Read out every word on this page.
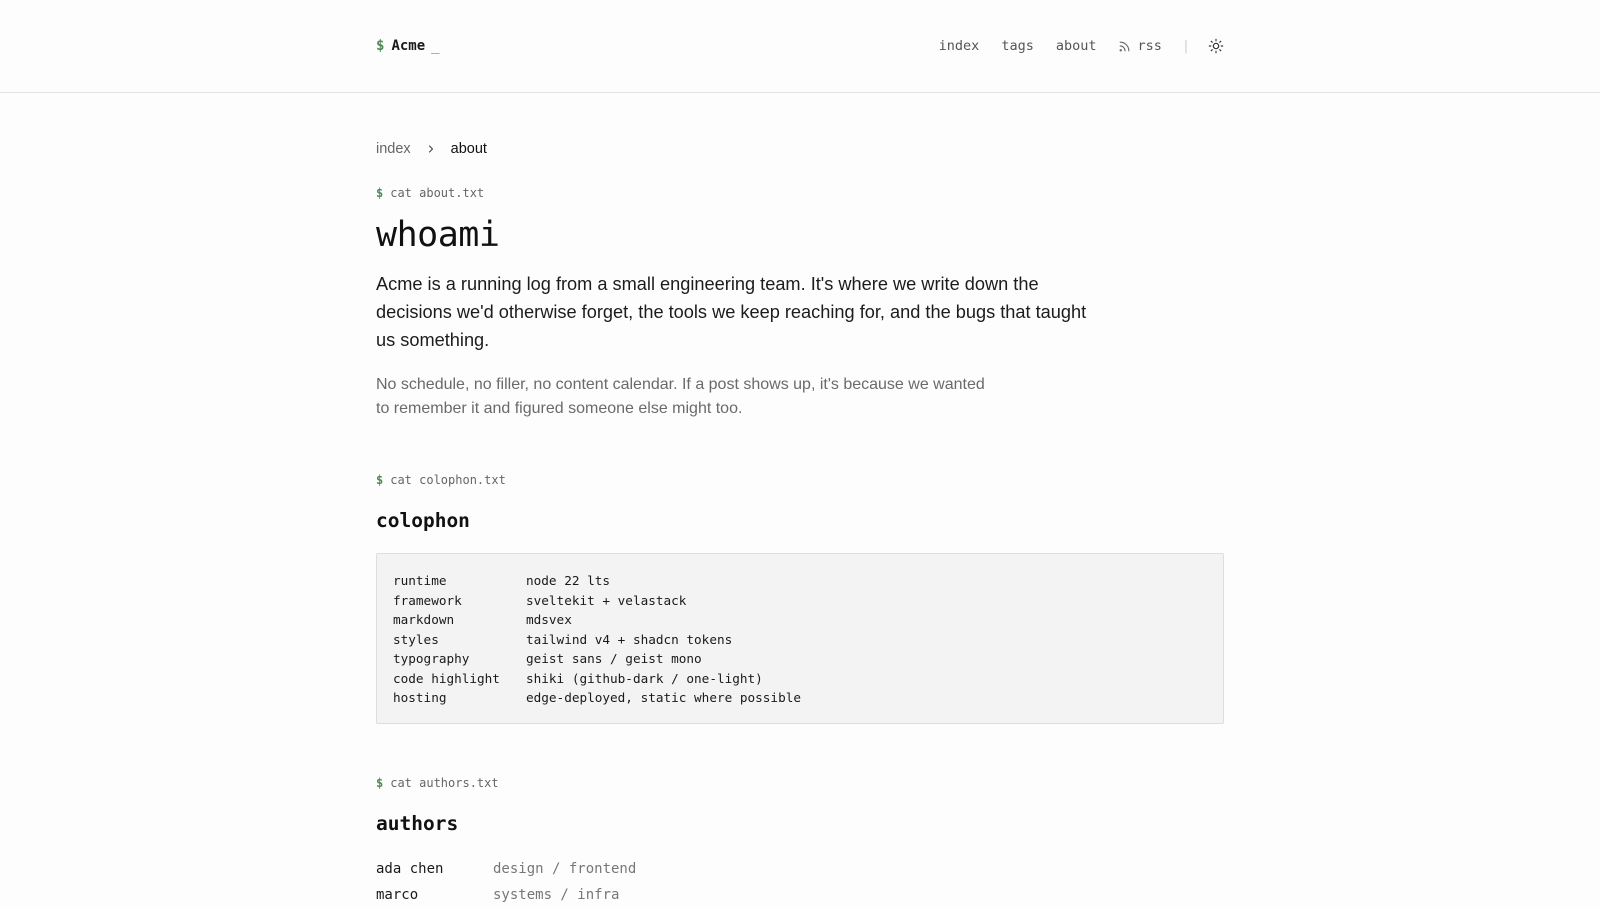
$ Acme _	index tags about	rss |
index	about
$ cat about.txt
whoami

Acme is a running log from a small engineering team. It's where we write down the decisions we'd otherwise forget, the tools we keep reaching for, and the bugs that taught us something.

No schedule, no filler, no content calendar. If a post shows up, it's because we wanted to remember it and figured someone else might too.

$ cat colophon.txt
colophon
runtime	node 22 lts
framework	sveltekit + velastack
markdown	mdsvex
styles	tailwind v4 + shadcn tokens
typography	geist sans / geist mono
code highlight	shiki (github-dark / one-light)
hosting	edge-deployed, static where possible
$ cat authors.txt
authors
ada chen	design / frontend
marco	systems / infra
